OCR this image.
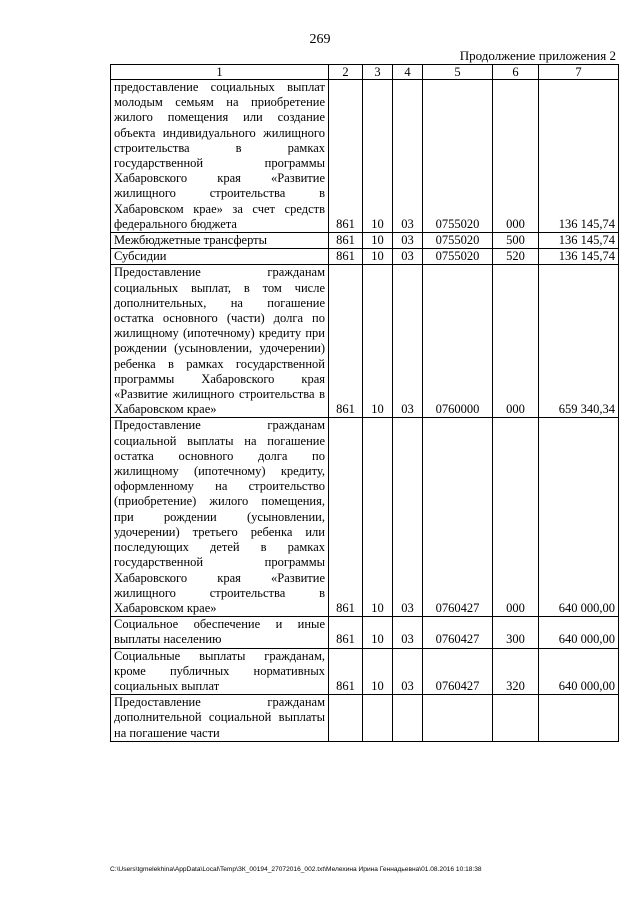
269
Продолжение приложения 2
1	2	3	4	5	6	7
предоставление социальных выплат молодым семьям на приобретение жилого помещения или создание объекта индивидуального жилищного строительства в рамках государственной программы Хабаровского края «Развитие жилищного строительства в Хабаровском крае» за счет средств федерального бюджета	861	10	03	0755020	000	136 145,74
Межбюджетные трансферты	861	10	03	0755020	500	136 145,74
Субсидии	861	10	03	0755020	520	136 145,74
Предоставление гражданам социальных выплат, в том числе дополнительных, на погашение остатка основного (части) долга по жилищному (ипотечному) кредиту при рождении (усыновлении, удочерении) ребенка в рамках государственной программы Хабаровского края «Развитие жилищного строительства в Хабаровском крае»	861	10	03	0760000	000	659 340,34
Предоставление гражданам социальной выплаты на погашение остатка основного долга по жилищному (ипотечному) кредиту, оформленному на строительство (приобретение) жилого помещения, при рождении (усыновлении, удочерении) третьего ребенка или последующих детей в рамках государственной программы Хабаровского края «Развитие жилищного строительства в Хабаровском крае»	861	10	03	0760427	000	640 000,00
Социальное обеспечение и иные выплаты населению	861	10	03	0760427	300	640 000,00
Социальные выплаты гражданам, кроме публичных нормативных социальных выплат	861	10	03	0760427	320	640 000,00
Предоставление гражданам дополнительной социальной выплаты на погашение части						
C:\Users\tgmelekhina\AppData\Local\Temp\ЗК_00194_27072016_002.txt\Мелехина Ирина Геннадьевна\01.08.2016 10:18:38
